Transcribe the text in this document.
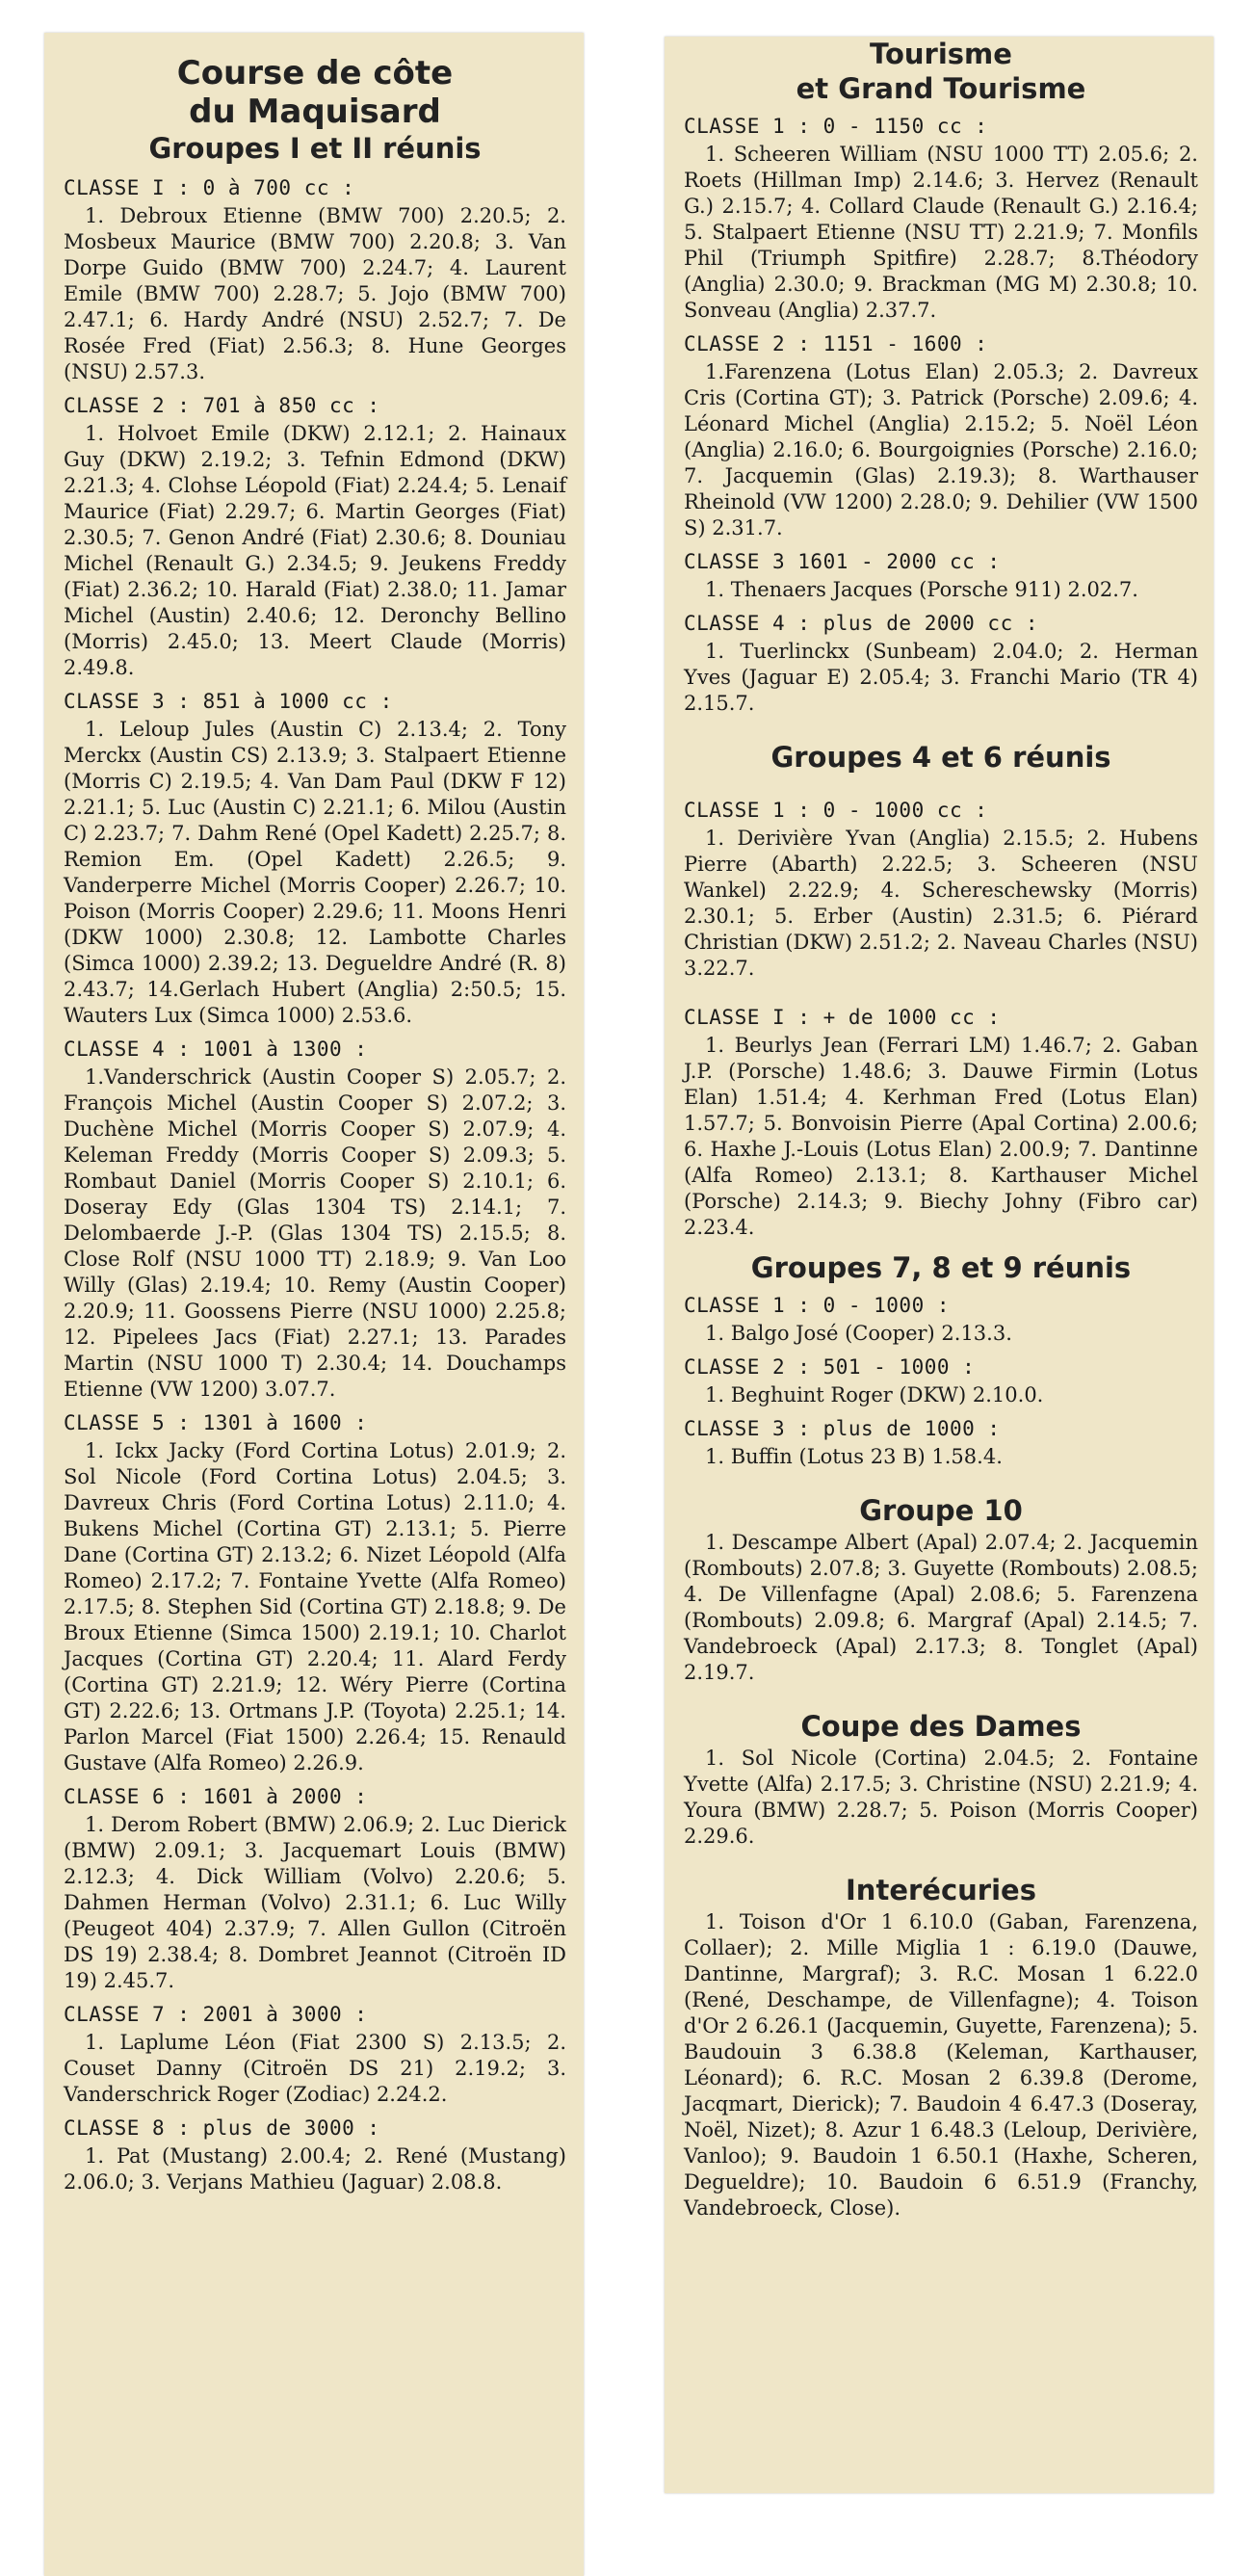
Course de côte
du Maquisard
Groupes I et II réunis

CLASSE I : 0 à 700 cc :

1. Debroux Etienne (BMW 700) 2.20.5; 2. Mosbeux Maurice (BMW 700) 2.20.8; 3. Van Dorpe Guido (BMW 700) 2.24.7; 4. Laurent Emile (BMW 700) 2.28.7; 5. Jojo (BMW 700) 2.47.1; 6. Hardy André (NSU) 2.52.7; 7. De Rosée Fred (Fiat) 2.56.3; 8. Hune Georges (NSU) 2.57.3.

CLASSE 2 : 701 à 850 cc :

1. Holvoet Emile (DKW) 2.12.1; 2. Hainaux Guy (DKW) 2.19.2; 3. Tefnin Edmond (DKW) 2.21.3; 4. Clohse Léopold (Fiat) 2.24.4; 5. Lenaif Maurice (Fiat) 2.29.7; 6. Martin Georges (Fiat) 2.30.5; 7. Genon André (Fiat) 2.30.6; 8. Douniau Michel (Renault G.) 2.34.5; 9. Jeukens Freddy (Fiat) 2.36.2; 10. Harald (Fiat) 2.38.0; 11. Jamar Michel (Austin) 2.40.6; 12. Deronchy Bellino (Morris) 2.45.0; 13. Meert Claude (Morris) 2.49.8.

CLASSE 3 : 851 à 1000 cc :

1. Leloup Jules (Austin C) 2.13.4; 2. Tony Merckx (Austin CS) 2.13.9; 3. Stalpaert Etienne (Morris C) 2.19.5; 4. Van Dam Paul (DKW F 12) 2.21.1; 5. Luc (Austin C) 2.21.1; 6. Milou (Austin C) 2.23.7; 7. Dahm René (Opel Kadett) 2.25.7; 8. Remion Em. (Opel Kadett) 2.26.5; 9. Vanderperre Michel (Morris Cooper) 2.26.7; 10. Poison (Morris Cooper) 2.29.6; 11. Moons Henri (DKW 1000) 2.30.8; 12. Lambotte Charles (Simca 1000) 2.39.2; 13. Degueldre André (R. 8) 2.43.7; 14.Gerlach Hubert (Anglia) 2:50.5; 15. Wauters Lux (Simca 1000) 2.53.6.

CLASSE 4 : 1001 à 1300 :

1.Vanderschrick (Austin Cooper S) 2.05.7; 2. François Michel (Austin Cooper S) 2.07.2; 3. Duchène Michel (Morris Cooper S) 2.07.9; 4. Keleman Freddy (Morris Cooper S) 2.09.3; 5. Rombaut Daniel (Morris Cooper S) 2.10.1; 6. Doseray Edy (Glas 1304 TS) 2.14.1; 7. Delombaerde J.-P. (Glas 1304 TS) 2.15.5; 8. Close Rolf (NSU 1000 TT) 2.18.9; 9. Van Loo Willy (Glas) 2.19.4; 10. Remy (Austin Cooper) 2.20.9; 11. Goossens Pierre (NSU 1000) 2.25.8; 12. Pipelees Jacs (Fiat) 2.27.1; 13. Parades Martin (NSU 1000 T) 2.30.4; 14. Douchamps Etienne (VW 1200) 3.07.7.

CLASSE 5 : 1301 à 1600 :

1. Ickx Jacky (Ford Cortina Lotus) 2.01.9; 2. Sol Nicole (Ford Cortina Lotus) 2.04.5; 3. Davreux Chris (Ford Cortina Lotus) 2.11.0; 4. Bukens Michel (Cortina GT) 2.13.1; 5. Pierre Dane (Cortina GT) 2.13.2; 6. Nizet Léopold (Alfa Romeo) 2.17.2; 7. Fontaine Yvette (Alfa Romeo) 2.17.5; 8. Stephen Sid (Cortina GT) 2.18.8; 9. De Broux Etienne (Simca 1500) 2.19.1; 10. Charlot Jacques (Cortina GT) 2.20.4; 11. Alard Ferdy (Cortina GT) 2.21.9; 12. Wéry Pierre (Cortina GT) 2.22.6; 13. Ortmans J.P. (Toyota) 2.25.1; 14. Parlon Marcel (Fiat 1500) 2.26.4; 15. Renauld Gustave (Alfa Romeo) 2.26.9.

CLASSE 6 : 1601 à 2000 :

1. Derom Robert (BMW) 2.06.9; 2. Luc Dierick (BMW) 2.09.1; 3. Jacquemart Louis (BMW) 2.12.3; 4. Dick William (Volvo) 2.20.6; 5. Dahmen Herman (Volvo) 2.31.1; 6. Luc Willy (Peugeot 404) 2.37.9; 7. Allen Gullon (Citroën DS 19) 2.38.4; 8. Dombret Jeannot (Citroën ID 19) 2.45.7.

CLASSE 7 : 2001 à 3000 :

1. Laplume Léon (Fiat 2300 S) 2.13.5; 2. Couset Danny (Citroën DS 21) 2.19.2; 3. Vanderschrick Roger (Zodiac) 2.24.2.

CLASSE 8 : plus de 3000 :

1. Pat (Mustang) 2.00.4; 2. René (Mustang) 2.06.0; 3. Verjans Mathieu (Jaguar) 2.08.8.

Tourisme
et Grand Tourisme

CLASSE 1 : 0 - 1150 cc :

1. Scheeren William (NSU 1000 TT) 2.05.6; 2. Roets (Hillman Imp) 2.14.6; 3. Hervez (Renault G.) 2.15.7; 4. Collard Claude (Renault G.) 2.16.4; 5. Stalpaert Etienne (NSU TT) 2.21.9; 7. Monfils Phil (Triumph Spitfire) 2.28.7; 8.Théodory (Anglia) 2.30.0; 9. Brackman (MG M) 2.30.8; 10. Sonveau (Anglia) 2.37.7.

CLASSE 2 : 1151 - 1600 :

1.Farenzena (Lotus Elan) 2.05.3; 2. Davreux Cris (Cortina GT); 3. Patrick (Porsche) 2.09.6; 4. Léonard Michel (Anglia) 2.15.2; 5. Noël Léon (Anglia) 2.16.0; 6. Bourgoignies (Porsche) 2.16.0; 7. Jacquemin (Glas) 2.19.3); 8. Warthauser Rheinold (VW 1200) 2.28.0; 9. Dehilier (VW 1500 S) 2.31.7.

CLASSE 3 1601 - 2000 cc :

1. Thenaers Jacques (Porsche 911) 2.02.7.

CLASSE 4 : plus de 2000 cc :

1. Tuerlinckx (Sunbeam) 2.04.0; 2. Herman Yves (Jaguar E) 2.05.4; 3. Franchi Mario (TR 4) 2.15.7.

Groupes 4 et 6 réunis

CLASSE 1 : 0 - 1000 cc :

1. Derivière Yvan (Anglia) 2.15.5; 2. Hubens Pierre (Abarth) 2.22.5; 3. Scheeren (NSU Wankel) 2.22.9; 4. Schereschewsky (Morris) 2.30.1; 5. Erber (Austin) 2.31.5; 6. Piérard Christian (DKW) 2.51.2; 2. Naveau Charles (NSU) 3.22.7.

CLASSE I : + de 1000 cc :

1. Beurlys Jean (Ferrari LM) 1.46.7; 2. Gaban J.P. (Porsche) 1.48.6; 3. Dauwe Firmin (Lotus Elan) 1.51.4; 4. Kerhman Fred (Lotus Elan) 1.57.7; 5. Bonvoisin Pierre (Apal Cortina) 2.00.6; 6. Haxhe J.-Louis (Lotus Elan) 2.00.9; 7. Dantinne (Alfa Romeo) 2.13.1; 8. Karthauser Michel (Porsche) 2.14.3; 9. Biechy Johny (Fibro car) 2.23.4.

Groupes 7, 8 et 9 réunis

CLASSE 1 : 0 - 1000 :

1. Balgo José (Cooper) 2.13.3.

CLASSE 2 : 501 - 1000 :

1. Beghuint Roger (DKW) 2.10.0.

CLASSE 3 : plus de 1000 :

1. Buffin (Lotus 23 B) 1.58.4.

Groupe 10

1. Descampe Albert (Apal) 2.07.4; 2. Jacquemin (Rombouts) 2.07.8; 3. Guyette (Rombouts) 2.08.5; 4. De Villenfagne (Apal) 2.08.6; 5. Farenzena (Rombouts) 2.09.8; 6. Margraf (Apal) 2.14.5; 7. Vandebroeck (Apal) 2.17.3; 8. Tonglet (Apal) 2.19.7.

Coupe des Dames

1. Sol Nicole (Cortina) 2.04.5; 2. Fontaine Yvette (Alfa) 2.17.5; 3. Christine (NSU) 2.21.9; 4. Youra (BMW) 2.28.7; 5. Poison (Morris Cooper) 2.29.6.

Interécuries

1. Toison d'Or 1 6.10.0 (Gaban, Farenzena, Collaer); 2. Mille Miglia 1 : 6.19.0 (Dauwe, Dantinne, Margraf); 3. R.C. Mosan 1 6.22.0 (René, Deschampe, de Villenfagne); 4. Toison d'Or 2 6.26.1 (Jacquemin, Guyette, Farenzena); 5. Baudouin 3 6.38.8 (Keleman, Karthauser, Léonard); 6. R.C. Mosan 2 6.39.8 (Derome, Jacqmart, Dierick); 7. Baudoin 4 6.47.3 (Doseray, Noël, Nizet); 8. Azur 1 6.48.3 (Leloup, Derivière, Vanloo); 9. Baudoin 1 6.50.1 (Haxhe, Scheren, Degueldre); 10. Baudoin 6 6.51.9 (Franchy, Vandebroeck, Close).
